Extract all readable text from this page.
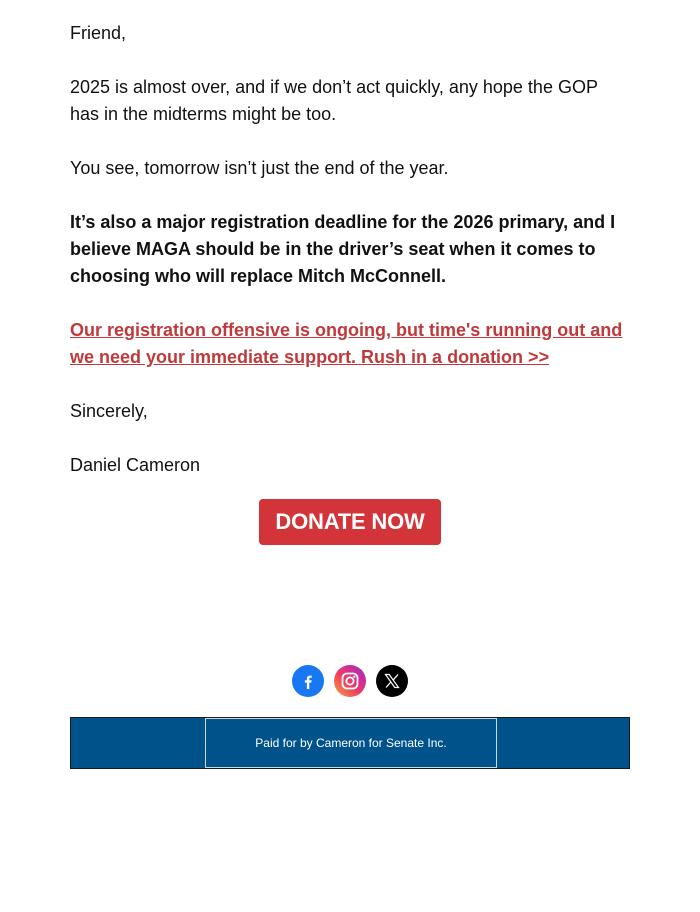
Friend,

2025 is almost over, and if we don’t act quickly, any hope the GOP has in the midterms might be too.

You see, tomorrow isn’t just the end of the year.

It’s also a major registration deadline for the 2026 primary, and I believe MAGA should be in the driver’s seat when it comes to choosing who will replace Mitch McConnell.

Our registration offensive is ongoing, but time's running out and we need your immediate support. Rush in a donation >>

Sincerely,

Daniel Cameron

DONATE NOW

Paid for by Cameron for Senate Inc.
